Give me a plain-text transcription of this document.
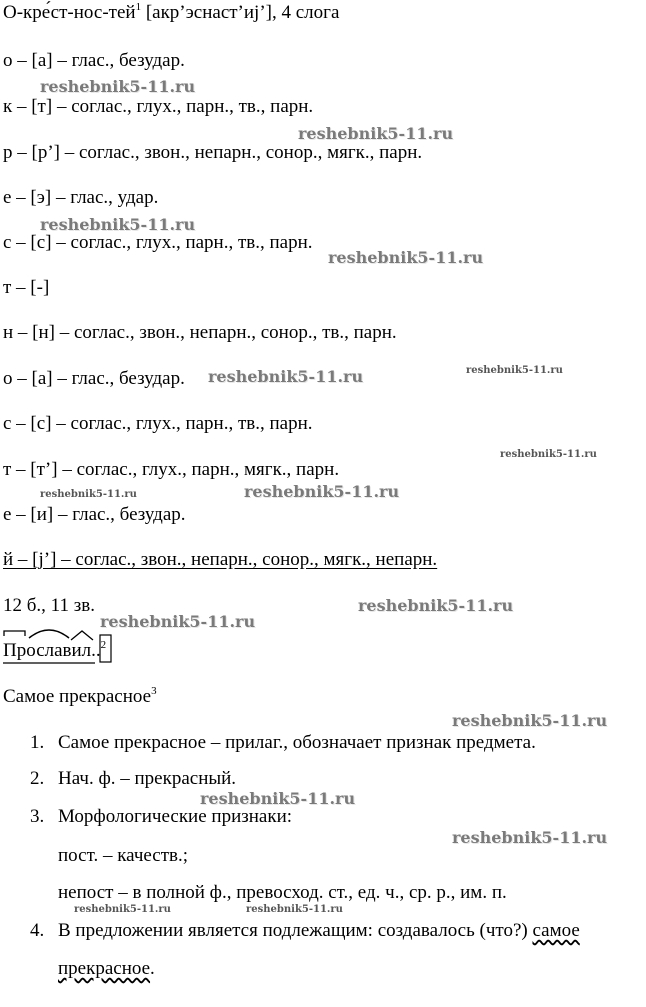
О-кре́ст-нос-тей$^1$ [акр’эснаст’иj’], 4 слога
о – [а] – глас., безудар.
к – [т] – соглас., глух., парн., тв., парн.
р – [р’] – соглас., звон., непарн., сонор., мягк., парн.
е – [э] – глас., удар.
с – [с] – соглас., глух., парн., тв., парн.
т – [-]
н – [н] – соглас., звон., непарн., сонор., тв., парн.
о – [а] – глас., безудар.
с – [с] – соглас., глух., парн., тв., парн.
т – [т’] – соглас., глух., парн., мягк., парн.
е – [и] – глас., безудар.
й – [j’] – соглас., звон., непарн., сонор., мягк., непарн.
12 б., 11 зв.
Прославил..$^2$
Самое прекрасное$^3$
1. Самое прекрасное – прилаг., обозначает признак предмета.
2. Нач. ф. – прекрасный.
3. Морфологические признаки:
пост. – качеств.;
непост – в полной ф., превосход. ст., ед. ч., ср. р., им. п.
4. В предложении является подлежащим: создавалось (что?) самое
прекрасное.
reshebnik5-11.ru
reshebnik5-11.ru
reshebnik5-11.ru
reshebnik5-11.ru
reshebnik5-11.ru	reshebnik5-11.ru
reshebnik5-11.ru
reshebnik5-11.ru
reshebnik5-11.ru
reshebnik5-11.ru
reshebnik5-11.ru
reshebnik5-11.ru
reshebnik5-11.ru
reshebnik5-11.ru
reshebnik5-11.ru	reshebnik5-11.ru
